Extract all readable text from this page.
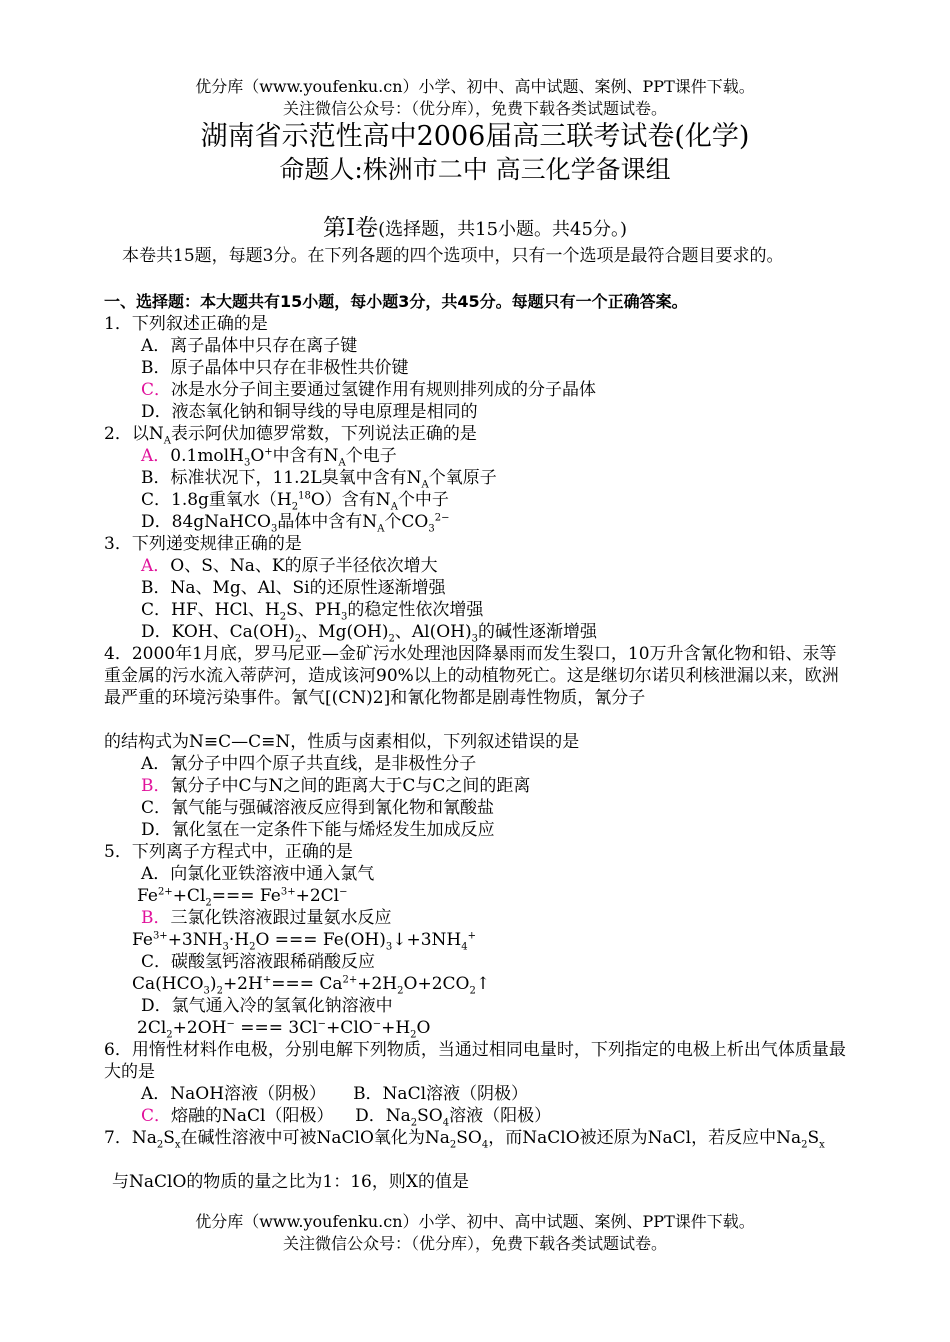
优分库（www.youfenku.cn）小学、初中、高中试题、案例、PPT课件下载。
关注微信公众号：（优分库），免费下载各类试题试卷。
湖南省示范性高中2006届高三联考试卷(化学)
命题人:株洲市二中 高三化学备课组
第Ⅰ卷(选择题，共15小题。共45分。)
本卷共15题，每题3分。在下列各题的四个选项中，只有一个选项是最符合题目要求的。
一、选择题：本大题共有15小题，每小题3分，共45分。每题只有一个正确答案。
1．下列叙述正确的是
A．离子晶体中只存在离子键
B．原子晶体中只存在非极性共价键
C．冰是水分子间主要通过氢键作用有规则排列成的分子晶体
D．液态氧化钠和铜导线的导电原理是相同的
2．以$N_A$表示阿伏加德罗常数，下列说法正确的是
A．0.1molH$_3$O+中含有$N_A$个电子
B．标准状况下，11.2L臭氧中含有$N_A$个氧原子
C．1.8g重氧水$(H_2^{18}O)$含有$N_A$个中子
D．84gNaHCO$_3$晶体中含有$N_A$个$CO_3^{2-}$
3．下列递变规律正确的是
A．O、S、Na、K的原子半径依次增大
B．Na、Mg、Al、Si的还原性逐渐增强
C．HF、HCl、$H_2S$、$PH_3$的稳定性依次增强
D．KOH、$Ca(OH)_2$、$Mg(OH)_2$、$Al(OH)_3$的碱性逐渐增强
4．2000年1月底，罗马尼亚—金矿污水处理池因降暴雨而发生裂口，10万升含氰化物和铅、汞等重金属的污水流入蒂萨河，造成该河90%以上的动植物死亡。这是继切尔诺贝利核泄漏以来，欧洲最严重的环境污染事件。氰气[(CN)2]和氰化物都是剧毒性物质，氰分子
的结构式为N≡C—C≡N，性质与卤素相似，下列叙述错误的是
A．氰分子中四个原子共直线，是非极性分子
B．氰分子中C与N之间的距离大于C与C之间的距离
C．氰气能与强碱溶液反应得到氰化物和氰酸盐
D．氰化氢在一定条件下能与烯烃发生加成反应
5．下列离子方程式中，正确的是
A．向氯化亚铁溶液中通入氯气
$Fe^{2+}+Cl_2=== Fe^{3+}+2Cl^-$
B．三氯化铁溶液跟过量氨水反应
$Fe^{3+}+3NH_3\cdot H_2O$ === $Fe(OH)_3↓+3NH_4^+$
C．碳酸氢钙溶液跟稀硝酸反应
$Ca(HCO_3)_2+2H^+===$ $Ca^{2+}+2H_2O+2CO_2↑$
D．氯气通入冷的氢氧化钠溶液中
$2Cl_2+2OH^-$ === $3Cl^-+ClO^-+H_2O$
6．用惰性材料作电极，分别电解下列物质，当通过相同电量时，下列指定的电极上析出气体质量最大的是
A．NaOH溶液（阴极）     B．NaCl溶液（阴极）
C．熔融的NaCl（阳极）    D．$Na_2SO_4$溶液（阳极）
7．$Na_2S_x$在碱性溶液中可被NaClO氧化为$Na_2SO_4$，而NaClO被还原为NaCl，若反应中$Na_2S_x$
与NaClO的物质的量之比为1：16，则X的值是
优分库（www.youfenku.cn）小学、初中、高中试题、案例、PPT课件下载。
关注微信公众号：（优分库），免费下载各类试题试卷。
